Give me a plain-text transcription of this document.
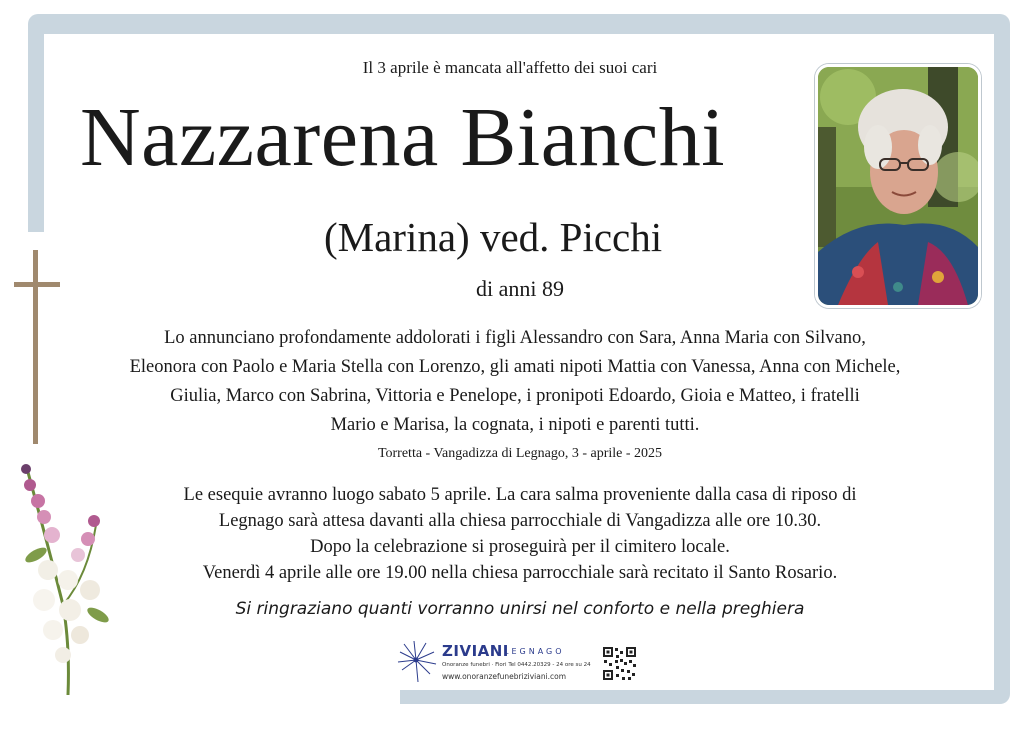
Il 3 aprile è mancata all'affetto dei suoi cari
Nazzarena Bianchi
(Marina) ved. Picchi
di anni 89
Lo annunciano profondamente addolorati i figli Alessandro con Sara, Anna Maria con Silvano,
Eleonora con Paolo e Maria Stella con Lorenzo, gli amati nipoti Mattia con Vanessa, Anna con Michele,
Giulia, Marco con Sabrina, Vittoria e Penelope, i pronipoti Edoardo, Gioia e Matteo, i fratelli
Mario e Marisa, la cognata, i nipoti e parenti tutti.
Torretta - Vangadizza di Legnago, 3 - aprile - 2025
Le esequie avranno luogo sabato 5 aprile. La cara salma proveniente dalla casa di riposo di
Legnago sarà attesa davanti alla chiesa parrocchiale di Vangadizza alle ore 10.30.
Dopo la celebrazione si proseguirà per il cimitero locale.
Venerdì 4 aprile alle ore 19.00 nella chiesa parrocchiale sarà recitato il Santo Rosario.
Si ringraziano quanti vorranno unirsi nel conforto e nella preghiera
ZIVIANI
LEGNAGO
Onoranze funebri · Fiori Tel 0442.20329 - 24 ore su 24
www.onoranzefunebriziviani.com
